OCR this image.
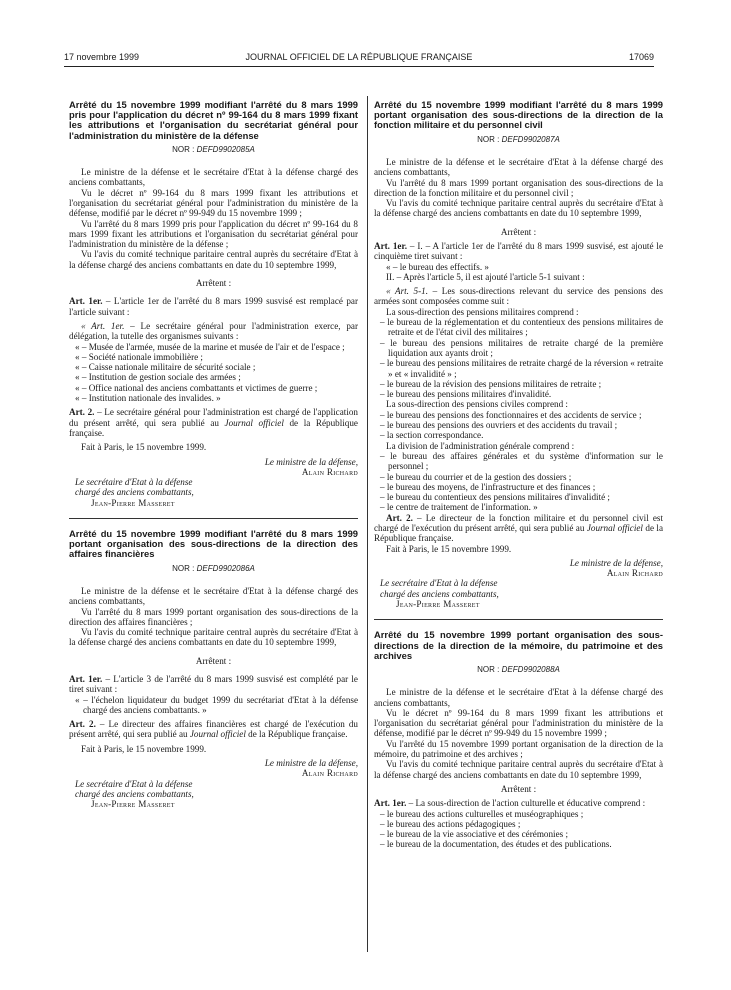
17 novembre 1999	JOURNAL OFFICIEL DE LA RÉPUBLIQUE FRANÇAISE	17069
Arrêté du 15 novembre 1999 modifiant l'arrêté du 8 mars 1999 pris pour l'application du décret nº 99-164 du 8 mars 1999 fixant les attributions et l'organisation du secrétariat général pour l'administration du ministère de la défense
NOR : DEFD9902085A

Le ministre de la défense et le secrétaire d'Etat à la défense chargé des anciens combattants,

Vu le décret nº 99-164 du 8 mars 1999 fixant les attributions et l'organisation du secrétariat général pour l'administration du ministère de la défense, modifié par le décret nº 99-949 du 15 novembre 1999 ;

Vu l'arrêté du 8 mars 1999 pris pour l'application du décret nº 99-164 du 8 mars 1999 fixant les attributions et l'organisation du secrétariat général pour l'administration du ministère de la défense ;

Vu l'avis du comité technique paritaire central auprès du secrétaire d'Etat à la défense chargé des anciens combattants en date du 10 septembre 1999,

Arrêtent :

Art. 1er. – L'article 1er de l'arrêté du 8 mars 1999 susvisé est remplacé par l'article suivant :

« Art. 1er. – Le secrétaire général pour l'administration exerce, par délégation, la tutelle des organismes suivants :

« – Musée de l'armée, musée de la marine et musée de l'air et de l'espace ;

« – Société nationale immobilière ;

« – Caisse nationale militaire de sécurité sociale ;

« – Institution de gestion sociale des armées ;

« – Office national des anciens combattants et victimes de guerre ;

« – Institution nationale des invalides. »

Art. 2. – Le secrétaire général pour l'administration est chargé de l'application du présent arrêté, qui sera publié au Journal officiel de la République française.

Fait à Paris, le 15 novembre 1999.

Le ministre de la défense,
Alain Richard
Le secrétaire d'Etat à la défense
chargé des anciens combattants,
Jean-Pierre Masseret
Arrêté du 15 novembre 1999 modifiant l'arrêté du 8 mars 1999 portant organisation des sous-directions de la direction des affaires financières
NOR : DEFD9902086A

Le ministre de la défense et le secrétaire d'Etat à la défense chargé des anciens combattants,

Vu l'arrêté du 8 mars 1999 portant organisation des sous-directions de la direction des affaires financières ;

Vu l'avis du comité technique paritaire central auprès du secrétaire d'Etat à la défense chargé des anciens combattants en date du 10 septembre 1999,

Arrêtent :

Art. 1er. – L'article 3 de l'arrêté du 8 mars 1999 susvisé est complété par le tiret suivant :

« – l'échelon liquidateur du budget 1999 du secrétariat d'Etat à la défense chargé des anciens combattants. »

Art. 2. – Le directeur des affaires financières est chargé de l'exécution du présent arrêté, qui sera publié au Journal officiel de la République française.

Fait à Paris, le 15 novembre 1999.

Le ministre de la défense,
Alain Richard
Le secrétaire d'Etat à la défense
chargé des anciens combattants,
Jean-Pierre Masseret
Arrêté du 15 novembre 1999 modifiant l'arrêté du 8 mars 1999 portant organisation des sous-directions de la direction de la fonction militaire et du personnel civil
NOR : DEFD9902087A

Le ministre de la défense et le secrétaire d'Etat à la défense chargé des anciens combattants,

Vu l'arrêté du 8 mars 1999 portant organisation des sous-directions de la direction de la fonction militaire et du personnel civil ;

Vu l'avis du comité technique paritaire central auprès du secrétaire d'Etat à la défense chargé des anciens combattants en date du 10 septembre 1999,

Arrêtent :

Art. 1er. – I. – A l'article 1er de l'arrêté du 8 mars 1999 susvisé, est ajouté le cinquième tiret suivant :

« – le bureau des effectifs. »

II. – Après l'article 5, il est ajouté l'article 5-1 suivant :

« Art. 5-1. – Les sous-directions relevant du service des pensions des armées sont composées comme suit :

La sous-direction des pensions militaires comprend :

– le bureau de la réglementation et du contentieux des pensions militaires de retraite et de l'état civil des militaires ;

– le bureau des pensions militaires de retraite chargé de la première liquidation aux ayants droit ;

– le bureau des pensions militaires de retraite chargé de la réversion « retraite » et « invalidité » ;

– le bureau de la révision des pensions militaires de retraite ;

– le bureau des pensions militaires d'invalidité.

La sous-direction des pensions civiles comprend :

– le bureau des pensions des fonctionnaires et des accidents de service ;

– le bureau des pensions des ouvriers et des accidents du travail ;

– la section correspondance.

La division de l'administration générale comprend :

– le bureau des affaires générales et du système d'information sur le personnel ;

– le bureau du courrier et de la gestion des dossiers ;

– le bureau des moyens, de l'infrastructure et des finances ;

– le bureau du contentieux des pensions militaires d'invalidité ;

– le centre de traitement de l'information. »

Art. 2. – Le directeur de la fonction militaire et du personnel civil est chargé de l'exécution du présent arrêté, qui sera publié au Journal officiel de la République française.

Fait à Paris, le 15 novembre 1999.

Le ministre de la défense,
Alain Richard
Le secrétaire d'Etat à la défense
chargé des anciens combattants,
Jean-Pierre Masseret
Arrêté du 15 novembre 1999 portant organisation des sous-directions de la direction de la mémoire, du patrimoine et des archives
NOR : DEFD9902088A

Le ministre de la défense et le secrétaire d'Etat à la défense chargé des anciens combattants,

Vu le décret nº 99-164 du 8 mars 1999 fixant les attributions et l'organisation du secrétariat général pour l'administration du ministère de la défense, modifié par le décret nº 99-949 du 15 novembre 1999 ;

Vu l'arrêté du 15 novembre 1999 portant organisation de la direction de la mémoire, du patrimoine et des archives ;

Vu l'avis du comité technique paritaire central auprès du secrétaire d'Etat à la défense chargé des anciens combattants en date du 10 septembre 1999,

Arrêtent :

Art. 1er. – La sous-direction de l'action culturelle et éducative comprend :

– le bureau des actions culturelles et muséographiques ;

– le bureau des actions pédagogiques ;

– le bureau de la vie associative et des cérémonies ;

– le bureau de la documentation, des études et des publications.
